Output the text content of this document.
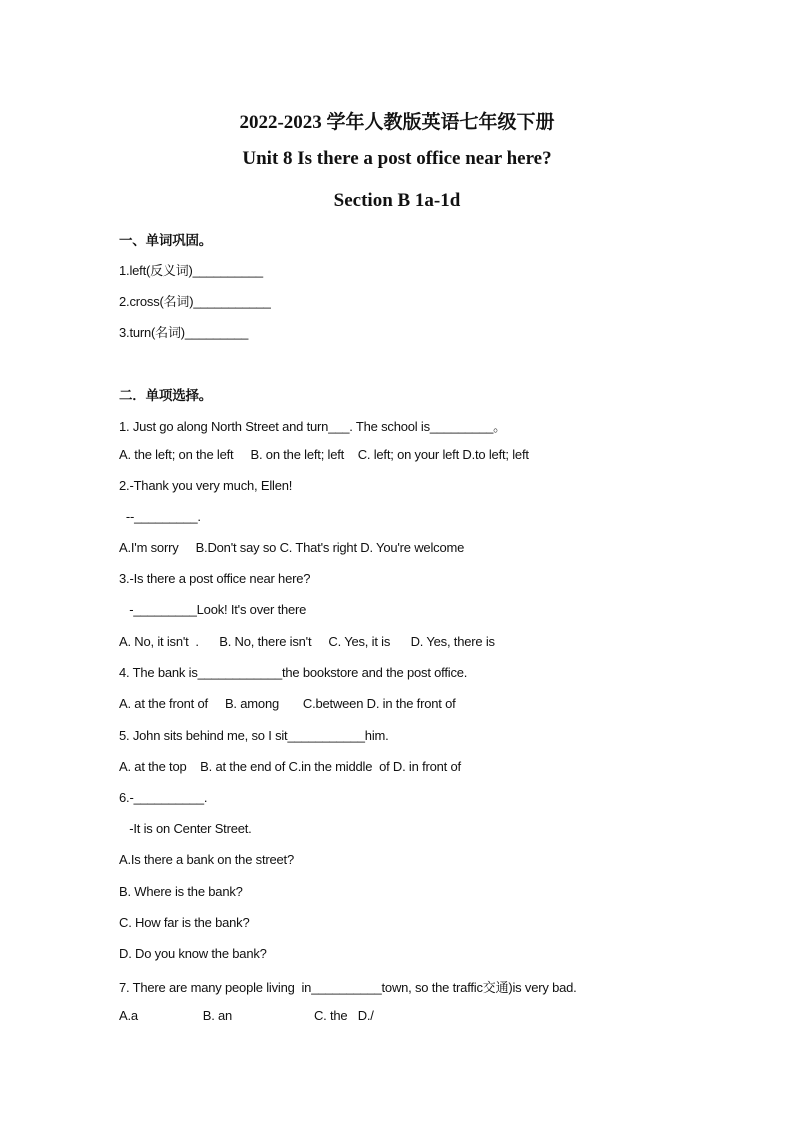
2022-2023 学年人教版英语七年级下册
Unit 8 Is there a post office near here?
Section B 1a-1d
一、单词巩固。
1.left(反义词)__________
2.cross(名词)___________
3.turn(名词)_________
二．单项选择。
1. Just go along North Street and turn___. The school is_________。
A. the left; on the left     B. on the left; left    C. left; on your left D.to left; left
2.-Thank you very much, Ellen!
--_________.
A.I'm sorry     B.Don't say so C. That's right D. You're welcome
3.-Is there a post office near here?
-_________Look! It's over there
A. No, it isn't  .      B. No, there isn't     C. Yes, it is      D. Yes, there is
4. The bank is____________the bookstore and the post office.
A. at the front of     B. among       C.between D. in the front of
5. John sits behind me, so I sit___________him.
A. at the top    B. at the end of C.in the middle  of D. in front of
6.-__________.
-It is on Center Street.
A.Is there a bank on the street?
B. Where is the bank?
C. How far is the bank?
D. Do you know the bank?
7. There are many people living  in__________town, so the traffic交通)is very bad.
A.a                   B. an                        C. the   D./
